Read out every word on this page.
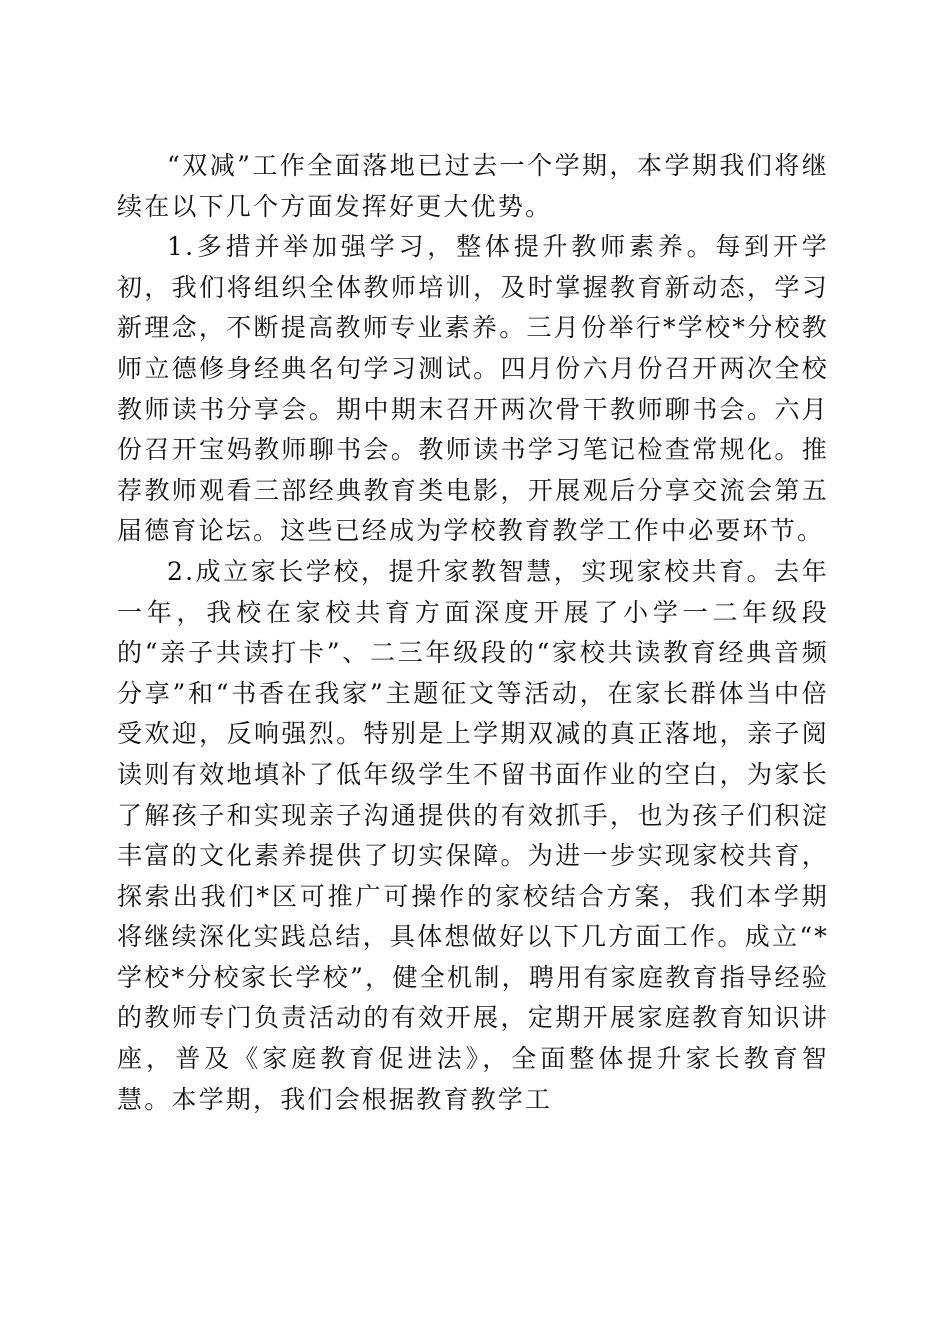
“双减”工作全面落地已过去一个学期，本学期我们将继续在以下几个方面发挥好更大优势。

1.多措并举加强学习，整体提升教师素养。每到开学初，我们将组织全体教师培训，及时掌握教育新动态，学习新理念，不断提高教师专业素养。三月份举行*学校*分校教师立德修身经典名句学习测试。四月份六月份召开两次全校教师读书分享会。期中期末召开两次骨干教师聊书会。六月份召开宝妈教师聊书会。教师读书学习笔记检查常规化。推荐教师观看三部经典教育类电影，开展观后分享交流会第五届德育论坛。这些已经成为学校教育教学工作中必要环节。

2.成立家长学校，提升家教智慧，实现家校共育。去年一年，我校在家校共育方面深度开展了小学一二年级段的“亲子共读打卡”、二三年级段的“家校共读教育经典音频分享”和“书香在我家”主题征文等活动，在家长群体当中倍受欢迎，反响强烈。特别是上学期双减的真正落地，亲子阅读则有效地填补了低年级学生不留书面作业的空白，为家长了解孩子和实现亲子沟通提供的有效抓手，也为孩子们积淀丰富的文化素养提供了切实保障。为进一步实现家校共育，探索出我们*区可推广可操作的家校结合方案，我们本学期将继续深化实践总结，具体想做好以下几方面工作。成立“*学校*分校家长学校”，健全机制，聘用有家庭教育指导经验的教师专门负责活动的有效开展，定期开展家庭教育知识讲座，普及《家庭教育促进法》，全面整体提升家长教育智慧。本学期，我们会根据教育教学工
